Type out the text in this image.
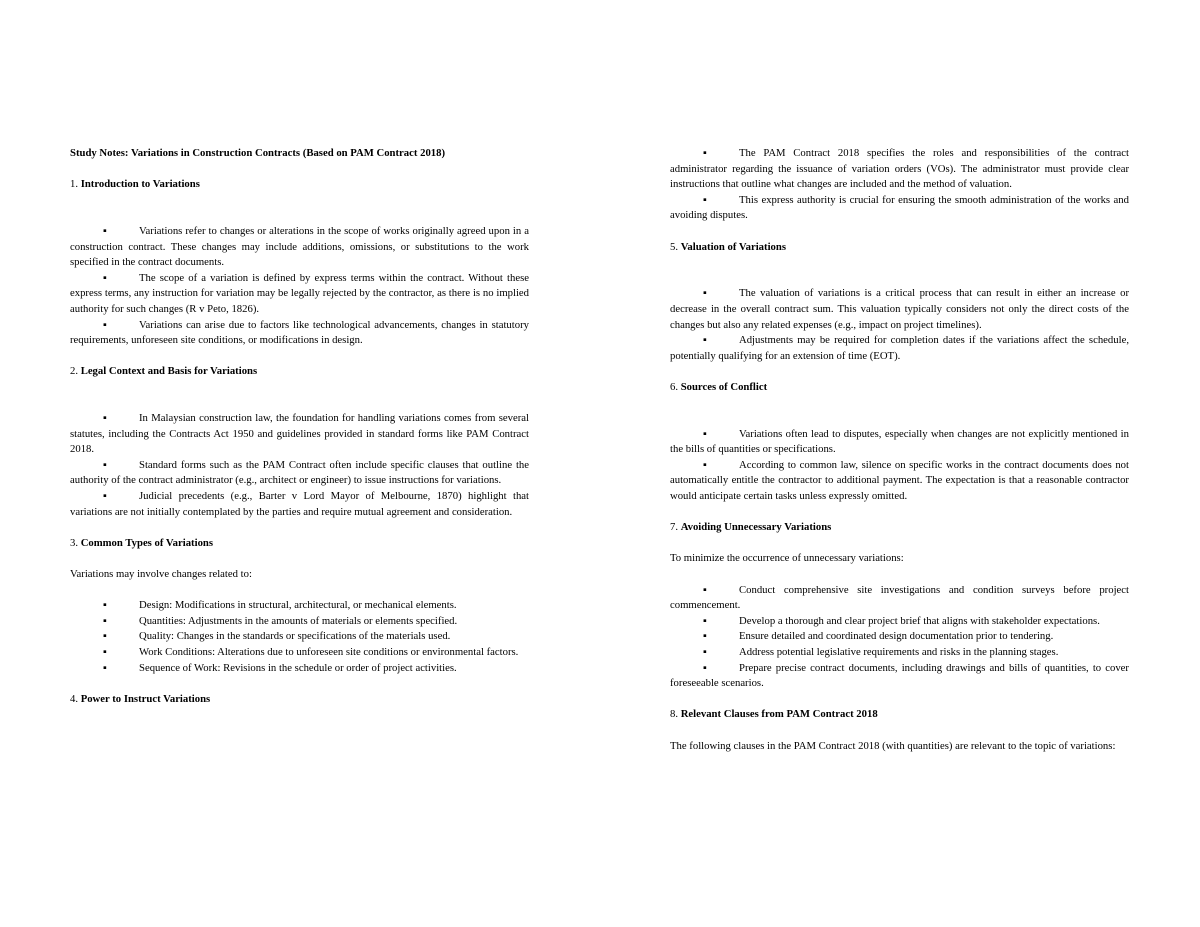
Study Notes: Variations in Construction Contracts (Based on PAM Contract 2018)

1. Introduction to Variations

▪	Variations refer to changes or alterations in the scope of works originally agreed upon in a construction contract. These changes may include additions, omissions, or substitutions to the work specified in the contract documents.
▪	The scope of a variation is defined by express terms within the contract. Without these express terms, any instruction for variation may be legally rejected by the contractor, as there is no implied authority for such changes (R v Peto, 1826).
▪	Variations can arise due to factors like technological advancements, changes in statutory requirements, unforeseen site conditions, or modifications in design.

2. Legal Context and Basis for Variations

▪	In Malaysian construction law, the foundation for handling variations comes from several statutes, including the Contracts Act 1950 and guidelines provided in standard forms like PAM Contract 2018.
▪	Standard forms such as the PAM Contract often include specific clauses that outline the authority of the contract administrator (e.g., architect or engineer) to issue instructions for variations.
▪	Judicial precedents (e.g., Barter v Lord Mayor of Melbourne, 1870) highlight that variations are not initially contemplated by the parties and require mutual agreement and consideration.

3. Common Types of Variations

Variations may involve changes related to:

▪	Design: Modifications in structural, architectural, or mechanical elements.
▪	Quantities: Adjustments in the amounts of materials or elements specified.
▪	Quality: Changes in the standards or specifications of the materials used.
▪	Work Conditions: Alterations due to unforeseen site conditions or environmental factors.
▪	Sequence of Work: Revisions in the schedule or order of project activities.

4. Power to Instruct Variations

▪	The PAM Contract 2018 specifies the roles and responsibilities of the contract administrator regarding the issuance of variation orders (VOs). The administrator must provide clear instructions that outline what changes are included and the method of valuation.
▪	This express authority is crucial for ensuring the smooth administration of the works and avoiding disputes.

5. Valuation of Variations

▪	The valuation of variations is a critical process that can result in either an increase or decrease in the overall contract sum. This valuation typically considers not only the direct costs of the changes but also any related expenses (e.g., impact on project timelines).
▪	Adjustments may be required for completion dates if the variations affect the schedule, potentially qualifying for an extension of time (EOT).

6. Sources of Conflict

▪	Variations often lead to disputes, especially when changes are not explicitly mentioned in the bills of quantities or specifications.
▪	According to common law, silence on specific works in the contract documents does not automatically entitle the contractor to additional payment. The expectation is that a reasonable contractor would anticipate certain tasks unless expressly omitted.

7. Avoiding Unnecessary Variations

To minimize the occurrence of unnecessary variations:

▪	Conduct comprehensive site investigations and condition surveys before project commencement.
▪	Develop a thorough and clear project brief that aligns with stakeholder expectations.
▪	Ensure detailed and coordinated design documentation prior to tendering.
▪	Address potential legislative requirements and risks in the planning stages.
▪	Prepare precise contract documents, including drawings and bills of quantities, to cover foreseeable scenarios.

8. Relevant Clauses from PAM Contract 2018

The following clauses in the PAM Contract 2018 (with quantities) are relevant to the topic of variations:
